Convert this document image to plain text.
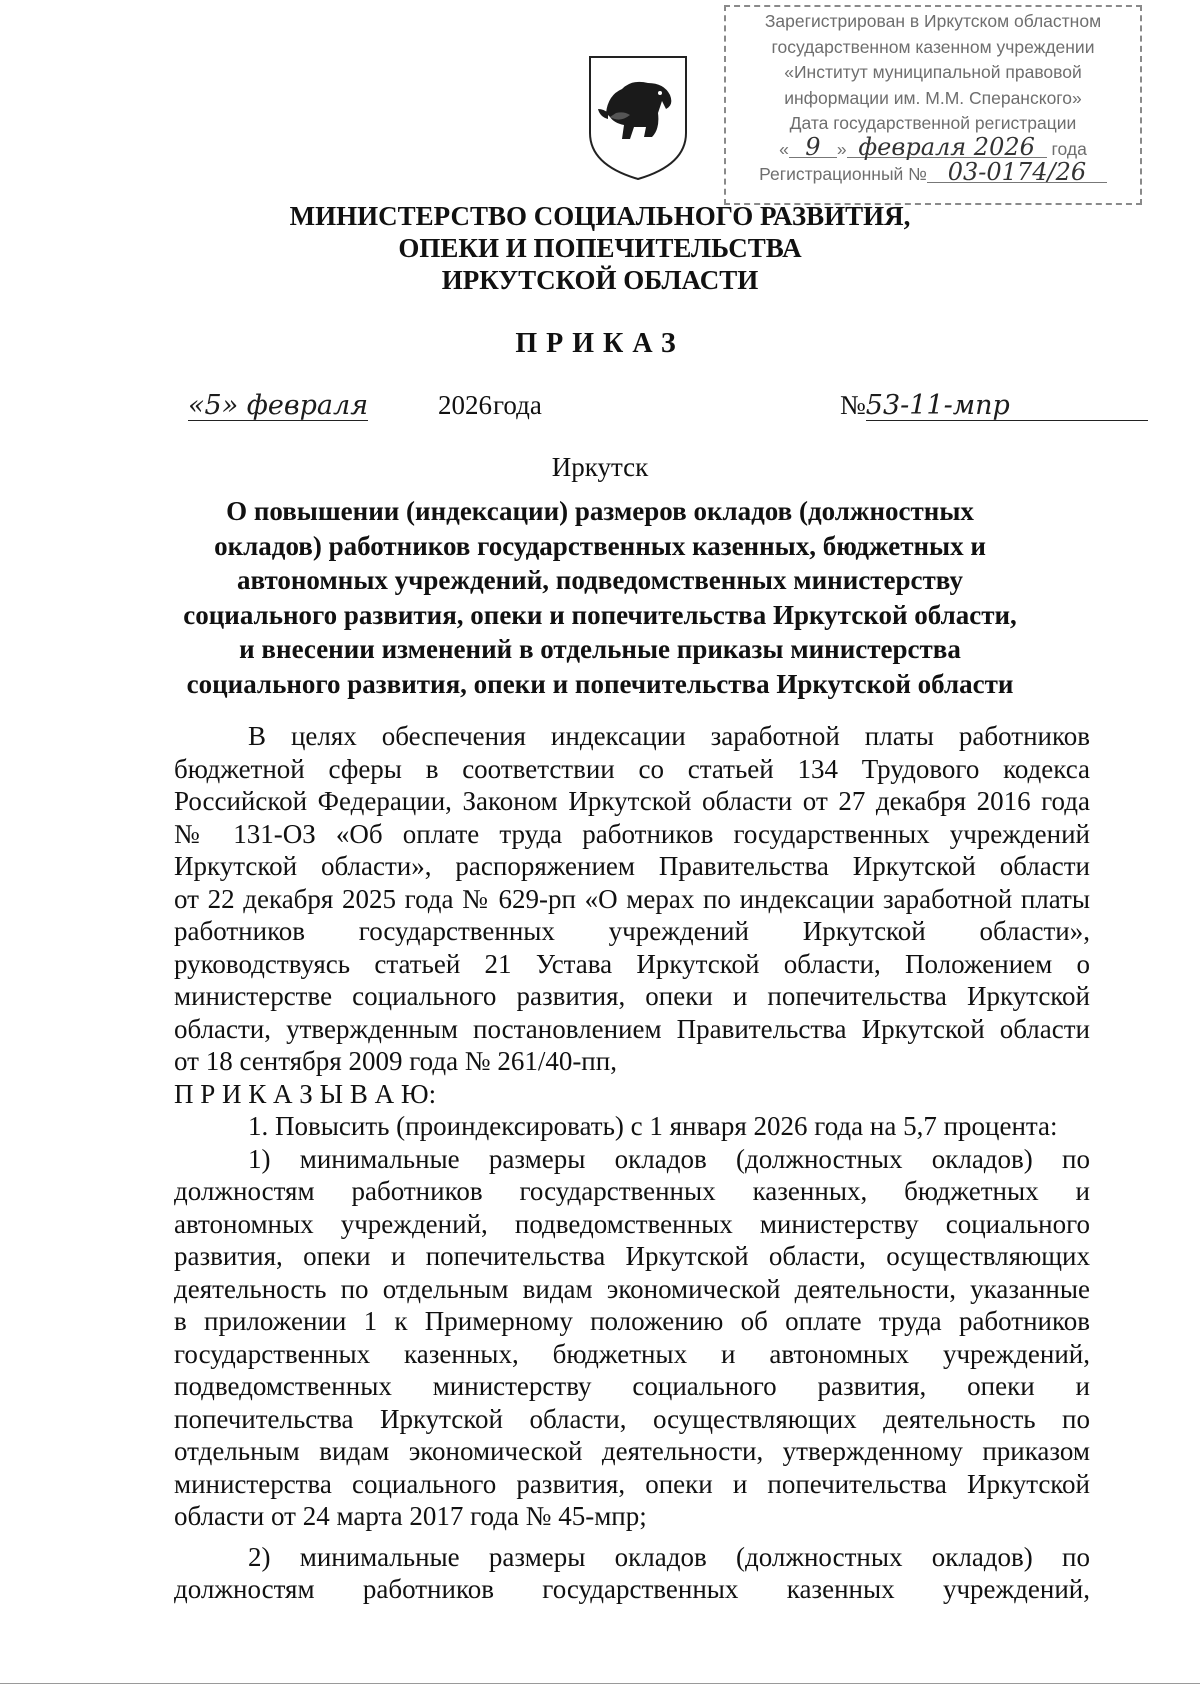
Зарегистрирован в Иркутском областном
государственном казенном учреждении
«Институт муниципальной правовой
информации им. М.М. Сперанского»
Дата государственной регистрации
« 9 » февраля 2026 года
Регистрационный № 03-0174/26
МИНИСТЕРСТВО СОЦИАЛЬНОГО РАЗВИТИЯ,
ОПЕКИ И ПОПЕЧИТЕЛЬСТВА
ИРКУТСКОЙ ОБЛАСТИ
ПРИКАЗ
«5» февраля	2026 года	№53-11-мпр
Иркутск
О повышении (индексации) размеров окладов (должностных
окладов) работников государственных казенных, бюджетных и
автономных учреждений, подведомственных министерству
социального развития, опеки и попечительства Иркутской области,
и внесении изменений в отдельные приказы министерства
социального развития, опеки и попечительства Иркутской области
В целях обеспечения индексации заработной платы работников
бюджетной сферы в соответствии со статьей 134 Трудового кодекса
Российской Федерации, Законом Иркутской области от 27 декабря 2016 года
№ 131-ОЗ «Об оплате труда работников государственных учреждений
Иркутской области», распоряжением Правительства Иркутской области
от 22 декабря 2025 года № 629-рп «О мерах по индексации заработной платы
работников государственных учреждений Иркутской области»,
руководствуясь статьей 21 Устава Иркутской области, Положением о
министерстве социального развития, опеки и попечительства Иркутской
области, утвержденным постановлением Правительства Иркутской области
от 18 сентября 2009 года № 261/40-пп,
П Р И К А З Ы В А Ю:
1. Повысить (проиндексировать) с 1 января 2026 года на 5,7 процента:
1) минимальные размеры окладов (должностных окладов) по
должностям работников государственных казенных, бюджетных и
автономных учреждений, подведомственных министерству социального
развития, опеки и попечительства Иркутской области, осуществляющих
деятельность по отдельным видам экономической деятельности, указанные
в приложении 1 к Примерному положению об оплате труда работников
государственных казенных, бюджетных и автономных учреждений,
подведомственных министерству социального развития, опеки и
попечительства Иркутской области, осуществляющих деятельность по
отдельным видам экономической деятельности, утвержденному приказом
министерства социального развития, опеки и попечительства Иркутской
области от 24 марта 2017 года № 45-мпр;
2) минимальные размеры окладов (должностных окладов) по
должностям работников государственных казенных учреждений,
